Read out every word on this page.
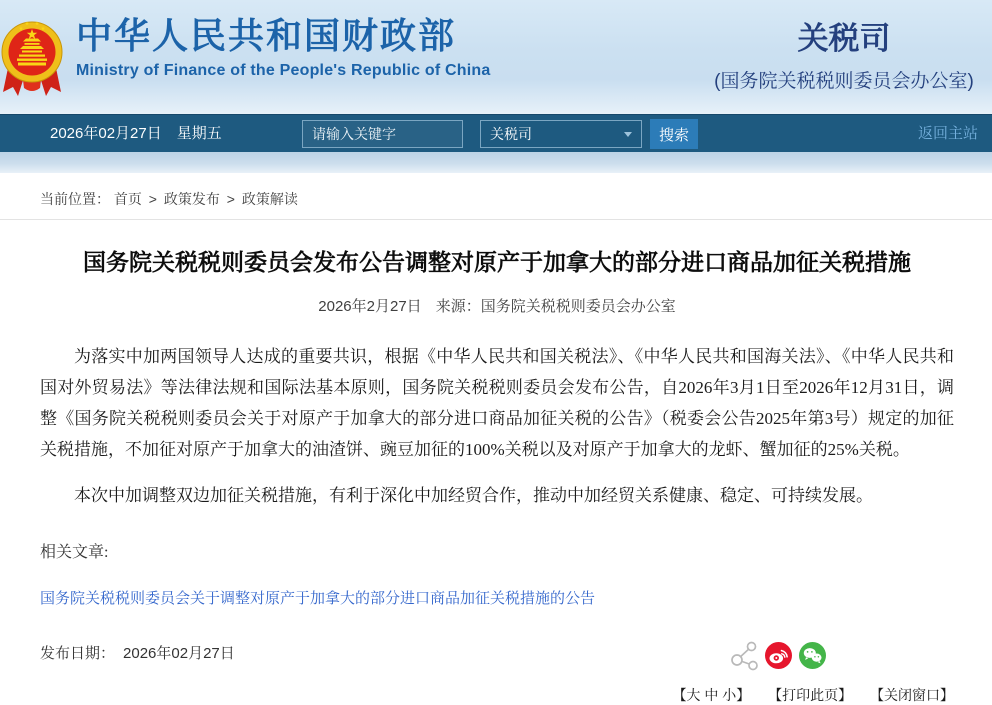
中华人民共和国财政部
Ministry of Finance of the People's Republic of China
关税司
(国务院关税税则委员会办公室)
2026年02月27日　星期五
请输入关键字	关税司	搜索	返回主站
当前位置： 首页 > 政策发布 > 政策解读
国务院关税税则委员会发布公告调整对原产于加拿大的部分进口商品加征关税措施
2026年2月27日 来源：国务院关税税则委员会办公室

为落实中加两国领导人达成的重要共识，根据《中华人民共和国关税法》、《中华人民共和国海关法》、《中华人民共和国对外贸易法》等法律法规和国际法基本原则，国务院关税税则委员会发布公告，自2026年3月1日至2026年12月31日，调整《国务院关税税则委员会关于对原产于加拿大的部分进口商品加征关税的公告》（税委会公告2025年第3号）规定的加征关税措施，不加征对原产于加拿大的油渣饼、豌豆加征的100%关税以及对原产于加拿大的龙虾、蟹加征的25%关税。

本次中加调整双边加征关税措施，有利于深化中加经贸合作，推动中加经贸关系健康、稳定、可持续发展。

相关文章:
国务院关税税则委员会关于调整对原产于加拿大的部分进口商品加征关税措施的公告
发布日期： 2026年02月27日
【大 中 小】 【打印此页】 【关闭窗口】
